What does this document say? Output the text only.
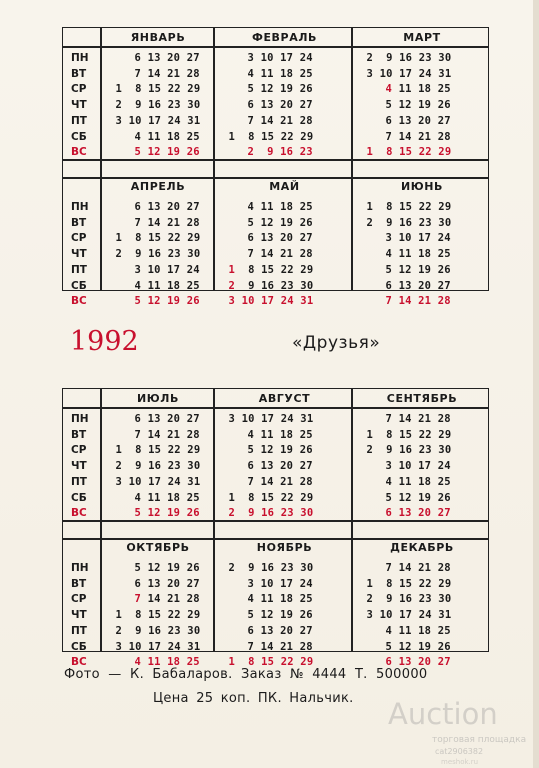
ПН
ВТ
СР
ЧТ
ПТ
СБ
ВС
ЯНВАРЬ
6 13 20 27
7 14 21 28
1  8 15 22 29
2  9 16 23 30
3 10 17 24 31
4 11 18 25
5 12 19 26
ФЕВРАЛЬ
3 10 17 24
4 11 18 25
5 12 19 26
6 13 20 27
7 14 21 28
1  8 15 22 29
2  9 16 23
МАРТ
2  9 16 23 30
3 10 17 24 31
4 11 18 25
5 12 19 26
6 13 20 27
7 14 21 28
1  8 15 22 29
ПН
ВТ
СР
ЧТ
ПТ
СБ
ВС
АПРЕЛЬ
6 13 20 27
7 14 21 28
1  8 15 22 29
2  9 16 23 30
3 10 17 24
4 11 18 25
5 12 19 26
МАЙ
4 11 18 25
5 12 19 26
6 13 20 27
7 14 21 28
1  8 15 22 29
2  9 16 23 30
3 10 17 24 31
ИЮНЬ
1  8 15 22 29
2  9 16 23 30
3 10 17 24
4 11 18 25
5 12 19 26
6 13 20 27
7 14 21 28
1992	«Друзья»
ПН
ВТ
СР
ЧТ
ПТ
СБ
ВС
ИЮЛЬ
6 13 20 27
7 14 21 28
1  8 15 22 29
2  9 16 23 30
3 10 17 24 31
4 11 18 25
5 12 19 26
АВГУСТ
3 10 17 24 31
4 11 18 25
5 12 19 26
6 13 20 27
7 14 21 28
1  8 15 22 29
2  9 16 23 30
СЕНТЯБРЬ
7 14 21 28
1  8 15 22 29
2  9 16 23 30
3 10 17 24
4 11 18 25
5 12 19 26
6 13 20 27
ПН
ВТ
СР
ЧТ
ПТ
СБ
ВС
ОКТЯБРЬ
5 12 19 26
6 13 20 27
7 14 21 28
1  8 15 22 29
2  9 16 23 30
3 10 17 24 31
4 11 18 25
НОЯБРЬ
2  9 16 23 30
3 10 17 24
4 11 18 25
5 12 19 26
6 13 20 27
7 14 21 28
1  8 15 22 29
ДЕКАБРЬ
7 14 21 28
1  8 15 22 29
2  9 16 23 30
3 10 17 24 31
4 11 18 25
5 12 19 26
6 13 20 27
Фото — К. Бабаларов. Заказ № 4444 Т. 500000
Цена 25 коп. ПК. Нальчик. Auction
торговая площадка
cat2906382
meshok.ru
